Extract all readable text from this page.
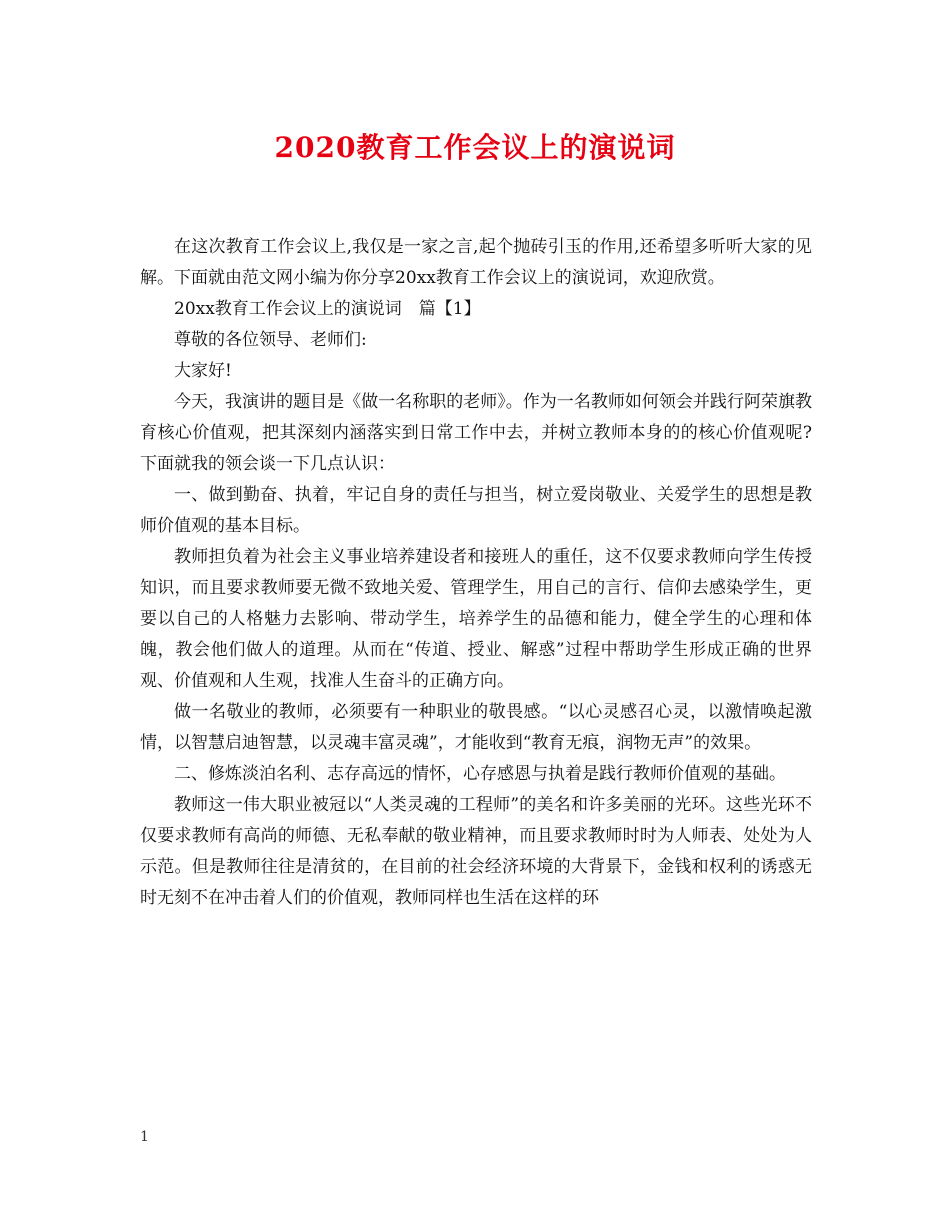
2020教育工作会议上的演说词

在这次教育工作会议上,我仅是一家之言,起个抛砖引玉的作用,还希望多听听大家的见解。下面就由范文网小编为你分享20xx教育工作会议上的演说词，欢迎欣赏。

20xx教育工作会议上的演说词　篇【1】

尊敬的各位领导、老师们:

大家好!

今天，我演讲的题目是《做一名称职的老师》。作为一名教师如何领会并践行阿荣旗教育核心价值观，把其深刻内涵落实到日常工作中去，并树立教师本身的的核心价值观呢?下面就我的领会谈一下几点认识：

一、做到勤奋、执着，牢记自身的责任与担当，树立爱岗敬业、关爱学生的思想是教师价值观的基本目标。

教师担负着为社会主义事业培养建设者和接班人的重任，这不仅要求教师向学生传授知识，而且要求教师要无微不致地关爱、管理学生，用自己的言行、信仰去感染学生，更要以自己的人格魅力去影响、带动学生，培养学生的品德和能力，健全学生的心理和体魄，教会他们做人的道理。从而在“传道、授业、解惑”过程中帮助学生形成正确的世界观、价值观和人生观，找准人生奋斗的正确方向。

做一名敬业的教师，必须要有一种职业的敬畏感。“以心灵感召心灵，以激情唤起激情，以智慧启迪智慧，以灵魂丰富灵魂”，才能收到“教育无痕，润物无声”的效果。

二、修炼淡泊名利、志存高远的情怀，心存感恩与执着是践行教师价值观的基础。

教师这一伟大职业被冠以“人类灵魂的工程师”的美名和许多美丽的光环。这些光环不仅要求教师有高尚的师德、无私奉献的敬业精神，而且要求教师时时为人师表、处处为人示范。但是教师往往是清贫的，在目前的社会经济环境的大背景下，金钱和权利的诱惑无时无刻不在冲击着人们的价值观，教师同样也生活在这样的环

1
